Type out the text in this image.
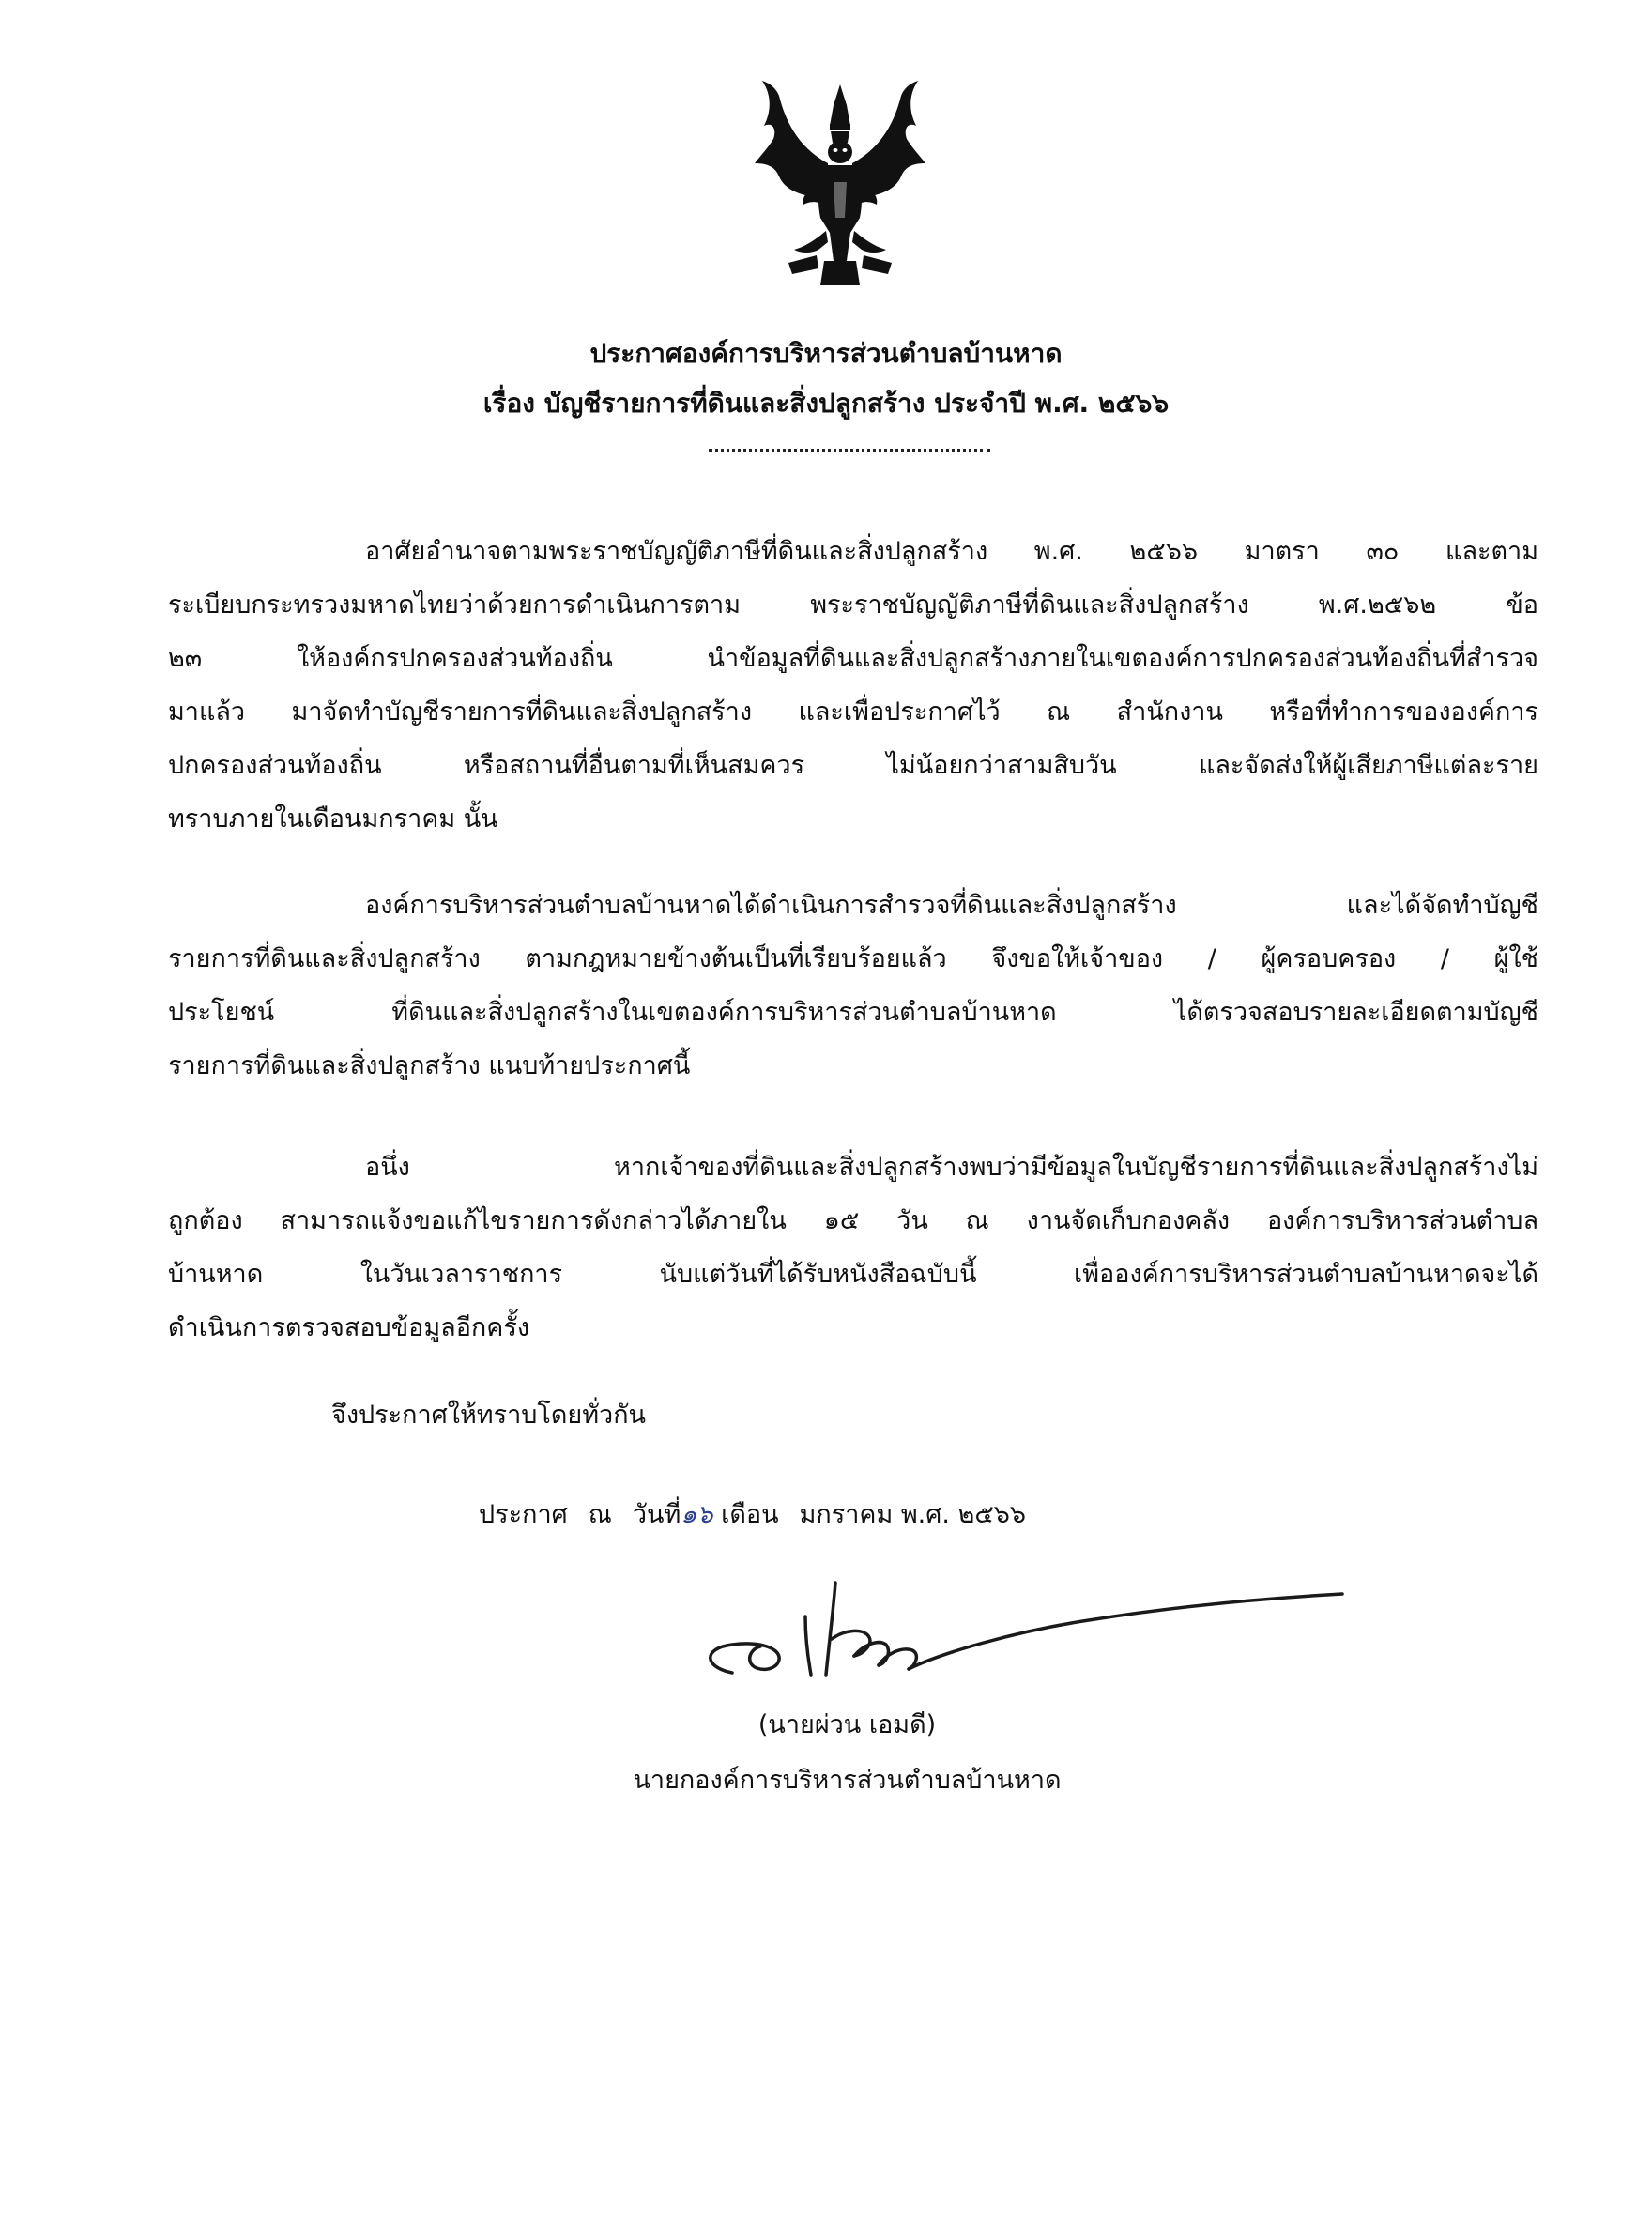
ประกาศองค์การบริหารส่วนตำบลบ้านหาด
เรื่อง บัญชีรายการที่ดินและสิ่งปลูกสร้าง ประจำปี พ.ศ. ๒๕๖๖
อาศัยอำนาจตามพระราชบัญญัติภาษีที่ดินและสิ่งปลูกสร้าง พ.ศ. ๒๕๖๖ มาตรา ๓๐ และตาม
ระเบียบกระทรวงมหาดไทยว่าด้วยการดำเนินการตาม พระราชบัญญัติภาษีที่ดินและสิ่งปลูกสร้าง พ.ศ.๒๕๖๒ ข้อ
๒๓ ให้องค์กรปกครองส่วนท้องถิ่น นำข้อมูลที่ดินและสิ่งปลูกสร้างภายในเขตองค์การปกครองส่วนท้องถิ่นที่สำรวจ
มาแล้ว มาจัดทำบัญชีรายการที่ดินและสิ่งปลูกสร้าง และเพื่อประกาศไว้ ณ สำนักงาน หรือที่ทำการขององค์การ
ปกครองส่วนท้องถิ่น หรือสถานที่อื่นตามที่เห็นสมควร ไม่น้อยกว่าสามสิบวัน และจัดส่งให้ผู้เสียภาษีแต่ละราย
ทราบภายในเดือนมกราคม นั้น
องค์การบริหารส่วนตำบลบ้านหาดได้ดำเนินการสำรวจที่ดินและสิ่งปลูกสร้าง และได้จัดทำบัญชี
รายการที่ดินและสิ่งปลูกสร้าง ตามกฎหมายข้างต้นเป็นที่เรียบร้อยแล้ว จึงขอให้เจ้าของ / ผู้ครอบครอง / ผู้ใช้
ประโยชน์ ที่ดินและสิ่งปลูกสร้างในเขตองค์การบริหารส่วนตำบลบ้านหาด ได้ตรวจสอบรายละเอียดตามบัญชี
รายการที่ดินและสิ่งปลูกสร้าง แนบท้ายประกาศนี้
อนึ่ง หากเจ้าของที่ดินและสิ่งปลูกสร้างพบว่ามีข้อมูลในบัญชีรายการที่ดินและสิ่งปลูกสร้างไม่
ถูกต้อง สามารถแจ้งขอแก้ไขรายการดังกล่าวได้ภายใน ๑๕ วัน ณ งานจัดเก็บกองคลัง องค์การบริหารส่วนตำบล
บ้านหาด ในวันเวลาราชการ นับแต่วันที่ได้รับหนังสือฉบับนี้ เพื่อองค์การบริหารส่วนตำบลบ้านหาดจะได้
ดำเนินการตรวจสอบข้อมูลอีกครั้ง
จึงประกาศให้ทราบโดยทั่วกัน
ประกาศ ณ วันที่๑๖ เดือน มกราคม พ.ศ. ๒๕๖๖
(นายผ่วน เอมดี)
นายกองค์การบริหารส่วนตำบลบ้านหาด
